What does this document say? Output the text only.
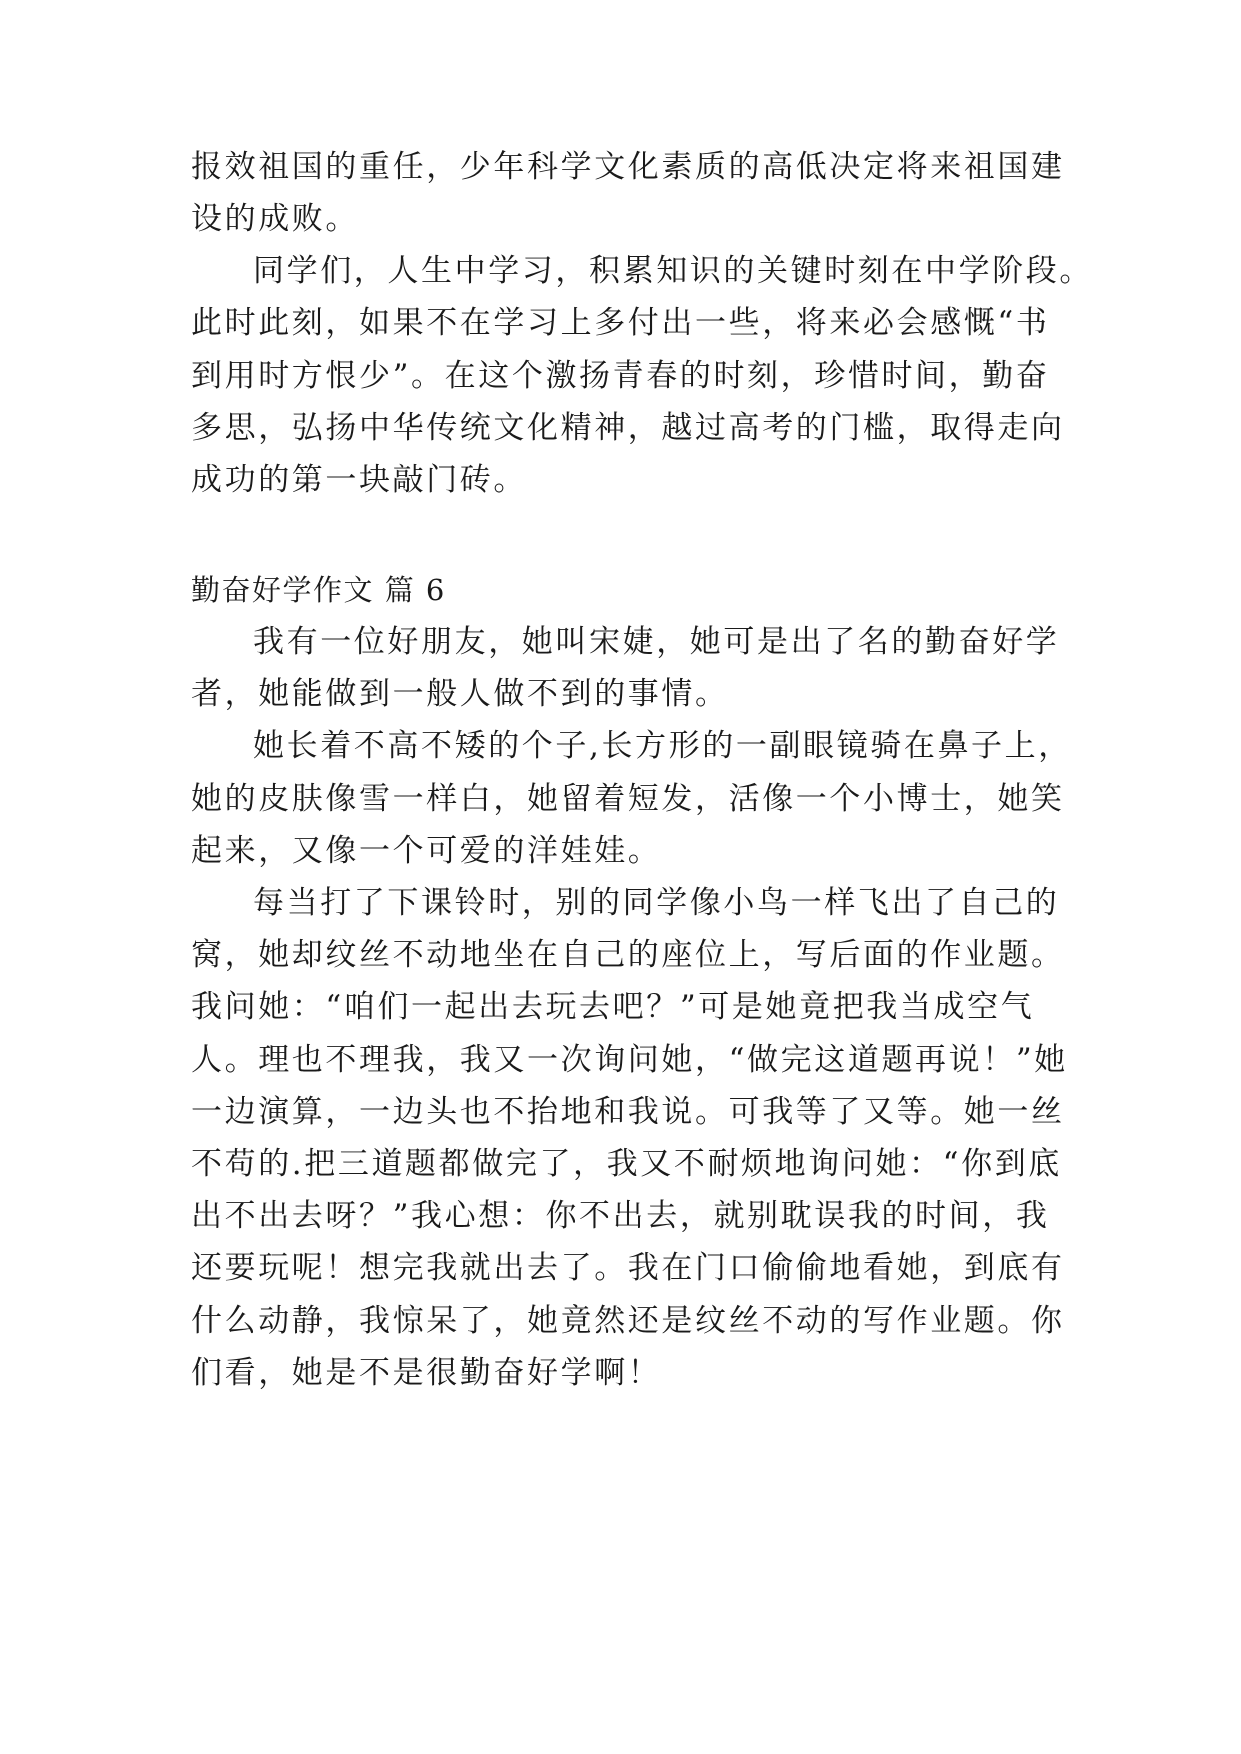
报效祖国的重任，少年科学文化素质的高低决定将来祖国建
设的成败。
同学们，人生中学习，积累知识的关键时刻在中学阶段。
此时此刻，如果不在学习上多付出一些，将来必会感慨“书
到用时方恨少”。在这个激扬青春的时刻，珍惜时间，勤奋
多思，弘扬中华传统文化精神，越过高考的门槛，取得走向
成功的第一块敲门砖。
勤奋好学作文 篇 6
我有一位好朋友，她叫宋婕，她可是出了名的勤奋好学
者，她能做到一般人做不到的事情。
她长着不高不矮的个子,长方形的一副眼镜骑在鼻子上，
她的皮肤像雪一样白，她留着短发，活像一个小博士，她笑
起来，又像一个可爱的洋娃娃。
每当打了下课铃时，别的同学像小鸟一样飞出了自己的
窝，她却纹丝不动地坐在自己的座位上，写后面的作业题。
我问她：“咱们一起出去玩去吧？”可是她竟把我当成空气
人。理也不理我，我又一次询问她，“做完这道题再说！”她
一边演算，一边头也不抬地和我说。可我等了又等。她一丝
不苟的.把三道题都做完了，我又不耐烦地询问她：“你到底
出不出去呀？”我心想：你不出去，就别耽误我的时间，我
还要玩呢！想完我就出去了。我在门口偷偷地看她，到底有
什么动静，我惊呆了，她竟然还是纹丝不动的写作业题。你
们看，她是不是很勤奋好学啊！
